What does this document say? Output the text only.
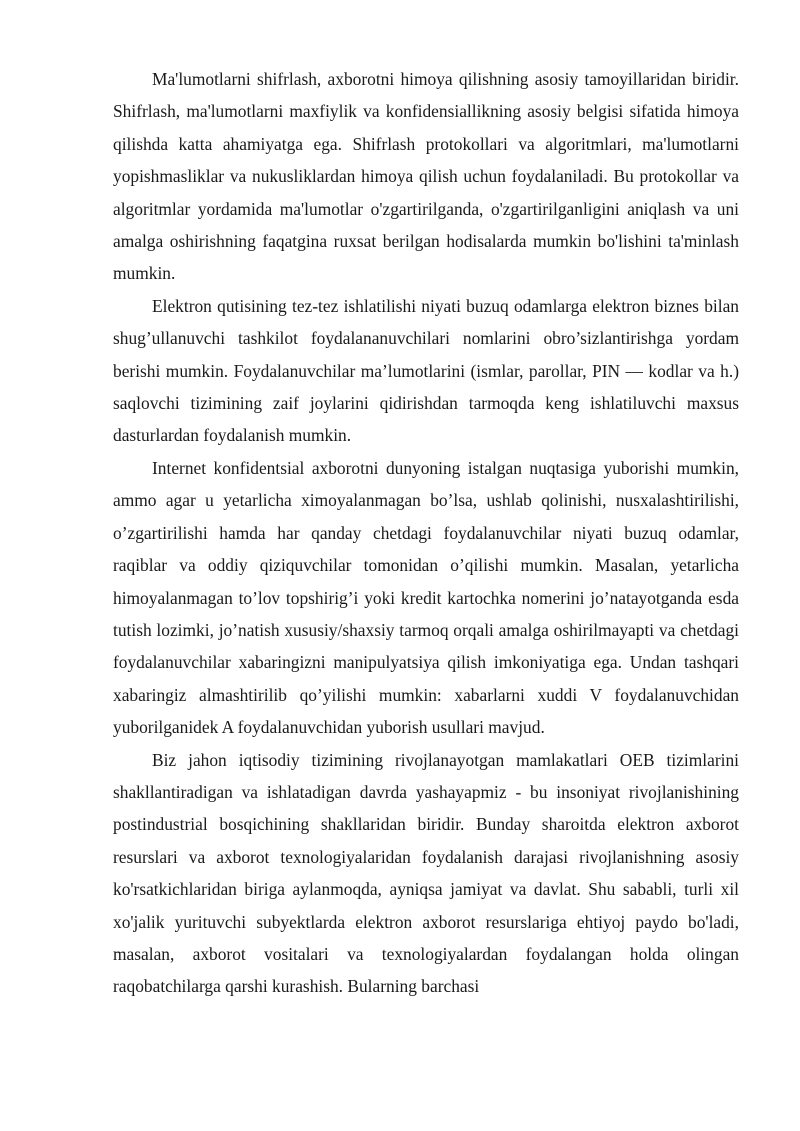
Ma'lumotlarni shifrlash, axborotni himoya qilishning asosiy tamoyillaridan biridir. Shifrlash, ma'lumotlarni maxfiylik va konfidensiallikning asosiy belgisi sifatida himoya qilishda katta ahamiyatga ega. Shifrlash protokollari va algoritmlari, ma'lumotlarni yopishmasliklar va nukusliklardan himoya qilish uchun foydalaniladi. Bu protokollar va algoritmlar yordamida ma'lumotlar o'zgartirilganda, o'zgartirilganligini aniqlash va uni amalga oshirishning faqatgina ruxsat berilgan hodisalarda mumkin bo'lishini ta'minlash mumkin.

Elektron qutisining tez-tez ishlatilishi niyati buzuq odamlarga elektron biznes bilan shug’ullanuvchi tashkilot foydalananuvchilari nomlarini obro’sizlantirishga yordam berishi mumkin. Foydalanuvchilar ma’lumotlarini (ismlar, parollar, PIN — kodlar va h.) saqlovchi tizimining zaif joylarini qidirishdan tarmoqda keng ishlatiluvchi maxsus dasturlardan foydalanish mumkin.

Internet konfidentsial axborotni dunyoning istalgan nuqtasiga yuborishi mumkin, ammo agar u yetarlicha ximoyalanmagan bo’lsa, ushlab qolinishi, nusxalashtirilishi, o’zgartirilishi hamda har qanday chetdagi foydalanuvchilar niyati buzuq odamlar, raqiblar va oddiy qiziquvchilar tomonidan o’qilishi mumkin. Masalan, yetarlicha himoyalanmagan to’lov topshirig’i yoki kredit kartochka nomerini jo’natayotganda esda tutish lozimki, jo’natish xususiy/shaxsiy tarmoq orqali amalga oshirilmayapti va chetdagi foydalanuvchilar xabaringizni manipulyatsiya qilish imkoniyatiga ega. Undan tashqari xabaringiz almashtirilib qo’yilishi mumkin: xabarlarni xuddi V foydalanuvchidan yuborilganidek A foydalanuvchidan yuborish usullari mavjud.

Biz jahon iqtisodiy tizimining rivojlanayotgan mamlakatlari OEB tizimlarini shakllantiradigan va ishlatadigan davrda yashayapmiz - bu insoniyat rivojlanishining postindustrial bosqichining shakllaridan biridir. Bunday sharoitda elektron axborot resurslari va axborot texnologiyalaridan foydalanish darajasi rivojlanishning asosiy ko'rsatkichlaridan biriga aylanmoqda, ayniqsa jamiyat va davlat. Shu sababli, turli xil xo'jalik yurituvchi subyektlarda elektron axborot resurslariga ehtiyoj paydo bo'ladi, masalan, axborot vositalari va texnologiyalardan foydalangan holda olingan raqobatchilarga qarshi kurashish. Bularning barchasi
